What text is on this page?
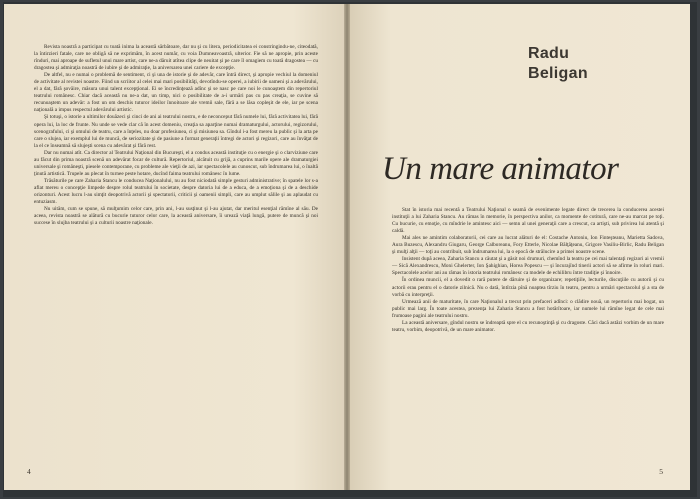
Revista noastră a participat cu toată inima la această sărbătoare, dar nu şi cu litera, periodicitatea ei constringindu-ne, citeodată, la întirzieri fatale, care ne obligă să ne exprimăm, în acest număr, cu voia Dumneavoastră, ulterior. Fie să ne apropie, prin aceste rînduri, mai aproape de sufletul unui mare artist, care ne-a dăruit atîtea clipe de neuitat şi pe care îl omagiem cu toată dragostea — cu dragostea şi admiraţia noastră de iubire şi de admiraţie, la aniversarea unei cariere de excepţie.

De altfel, nu e numai o problemă de sentiment, ci şi una de istorie şi de adevăr, care întră direct, şi apropie vechiul la domeniul de activitate al revistei noastre. Fiind un scriitor al celei mai mari posibilităţi, devotîndu-se operei, a iubirii de oameni şi a adevărului, el a dat, fără şovăire, măsura unui talent excepţional. Ei se încredinţează adînc şi se nasc pe care noi le cunoaştem din repertoriul teatrului românesc. Chiar dacă această nu ne-a dat, un timp, nici o posibilitate de a-i urmări pas cu pas creaţia, se cuvine să recunoaştem un adevăr: a fost un om deschis tuturor ideilor înnoitoare ale vremii sale, fără a se lăsa copleşit de ele, iar pe scena naţională a impus respectul adevărului artistic.

Şi totuşi, o istorie a ultimilor douăzeci şi cinci de ani ai teatrului nostru, e de neconceput fără numele lui, fără activitatea lui, fără opera lui, la loc de frunte. Nu unde se vede clar că în acest domeniu, creaţia sa aparţine numai dramaturgului, actorului, regizorului, scenografului, ci şi omului de teatru, care a înţeles, nu doar profesiunea, ci şi misiunea sa. Gîndul i-a fost mereu la public şi la arta pe care o slujea, iar exemplul lui de muncă, de seriozitate şi de pasiune a format generaţii întregi de actori şi regizori, care au învăţat de la el ce înseamnă să slujeşti scena cu adevărat şi fără rest.

Dar nu numai atît. Ca director al Teatrului Naţional din Bucureşti, el a condus această instituţie cu o energie şi o clarviziune care au făcut din prima noastră scenă un adevărat focar de cultură. Repertoriul, alcătuit cu grijă, a cuprins marile opere ale dramaturgiei universale şi româneşti, piesele contemporane, cu probleme ale vieţii de azi, iar spectacolele au cunoscut, sub îndrumarea lui, o înaltă ţinută artistică. Trupele au plecat în turnee peste hotare, ducînd faima teatrului românesc în lume.

Trăsăturile pe care Zaharia Stancu le conducea Naţionalului, nu au fost niciodată simple gesturi administrative; în spatele lor s-a aflat mereu o concepţie limpede despre rolul teatrului în societate, despre datoria lui de a educa, de a emoţiona şi de a deschide orizonturi. Acest lucru l-au simţit deopotrivă actorii şi spectatorii, criticii şi oamenii simpli, care au umplut sălile şi au aplaudat cu entuziasm.

Nu uităm, cum se spune, să mulţumim celor care, prin ani, l-au susţinut şi l-au ajutat, dar meritul esenţial rămîne al său. De aceea, revista noastră se alătură cu bucurie tuturor celor care, la această aniversare, îi urează viaţă lungă, putere de muncă şi noi succese în slujba teatrului şi a culturii noastre naţionale.

4
Radu
Beligan
Un mare animator

Stat în istoria mai recentă a Teatrului Naţional o seamă de evenimente legate direct de trecerea la conducerea acestei instituţii a lui Zaharia Stancu. Au rămas în memorie, în perspectiva anilor, ca momente de cotitură, care ne-au marcat pe toţi. Cu bucurie, cu emoţie, cu mîndrie le amintesc aici — semn al unei generaţii care a crescut, ca artişti, sub privirea lui atentă şi caldă.

Mai ales ne amintim colaboratorii, cei care au lucrat alături de el: Costache Antoniu, Ion Finteşteanu, Marietta Sadova, Aura Buzescu, Alexandru Giugaru, George Calboreanu, Fory Etterle, Nicolae Bălţăţeanu, Grigore Vasiliu-Birlic, Radu Beligan şi mulţi alţii — toţi au contribuit, sub îndrumarea lui, la o epocă de strălucire a primei noastre scene.

Insistent după aceea, Zaharia Stancu a căutat şi a găsit noi drumuri, chemînd la teatru pe cei mai talentaţi regizori ai vremii — Sică Alexandrescu, Moni Ghelerter, Ion Şahighian, Horea Popescu — şi încurajînd tinerii actori să se afirme în roluri mari. Spectacolele acelor ani au rămas în istoria teatrului românesc ca modele de echilibru între tradiţie şi înnoire.

În ordinea muncii, el a dovedit o rară putere de dăruire şi de organizare; repetiţiile, lecturile, discuţiile cu autorii şi cu actorii erau pentru el o datorie zilnică. Nu o dată, întîrzia pînă noaptea tîrziu în teatru, pentru a urmări spectacolul şi a sta de vorbă cu interpreţii.

Urmează anii de maturitate, în care Naţionalul a trecut prin prefaceri adînci: o clădire nouă, un repertoriu mai bogat, un public mai larg. În toate acestea, prezenţa lui Zaharia Stancu a fost hotărîtoare, iar numele lui rămîne legat de cele mai frumoase pagini ale teatrului nostru.

La această aniversare, gîndul nostru se îndreaptă spre el cu recunoştinţă şi cu dragoste. Căci dacă astăzi vorbim de un mare teatru, vorbim, deopotrivă, de un mare animator.

5
